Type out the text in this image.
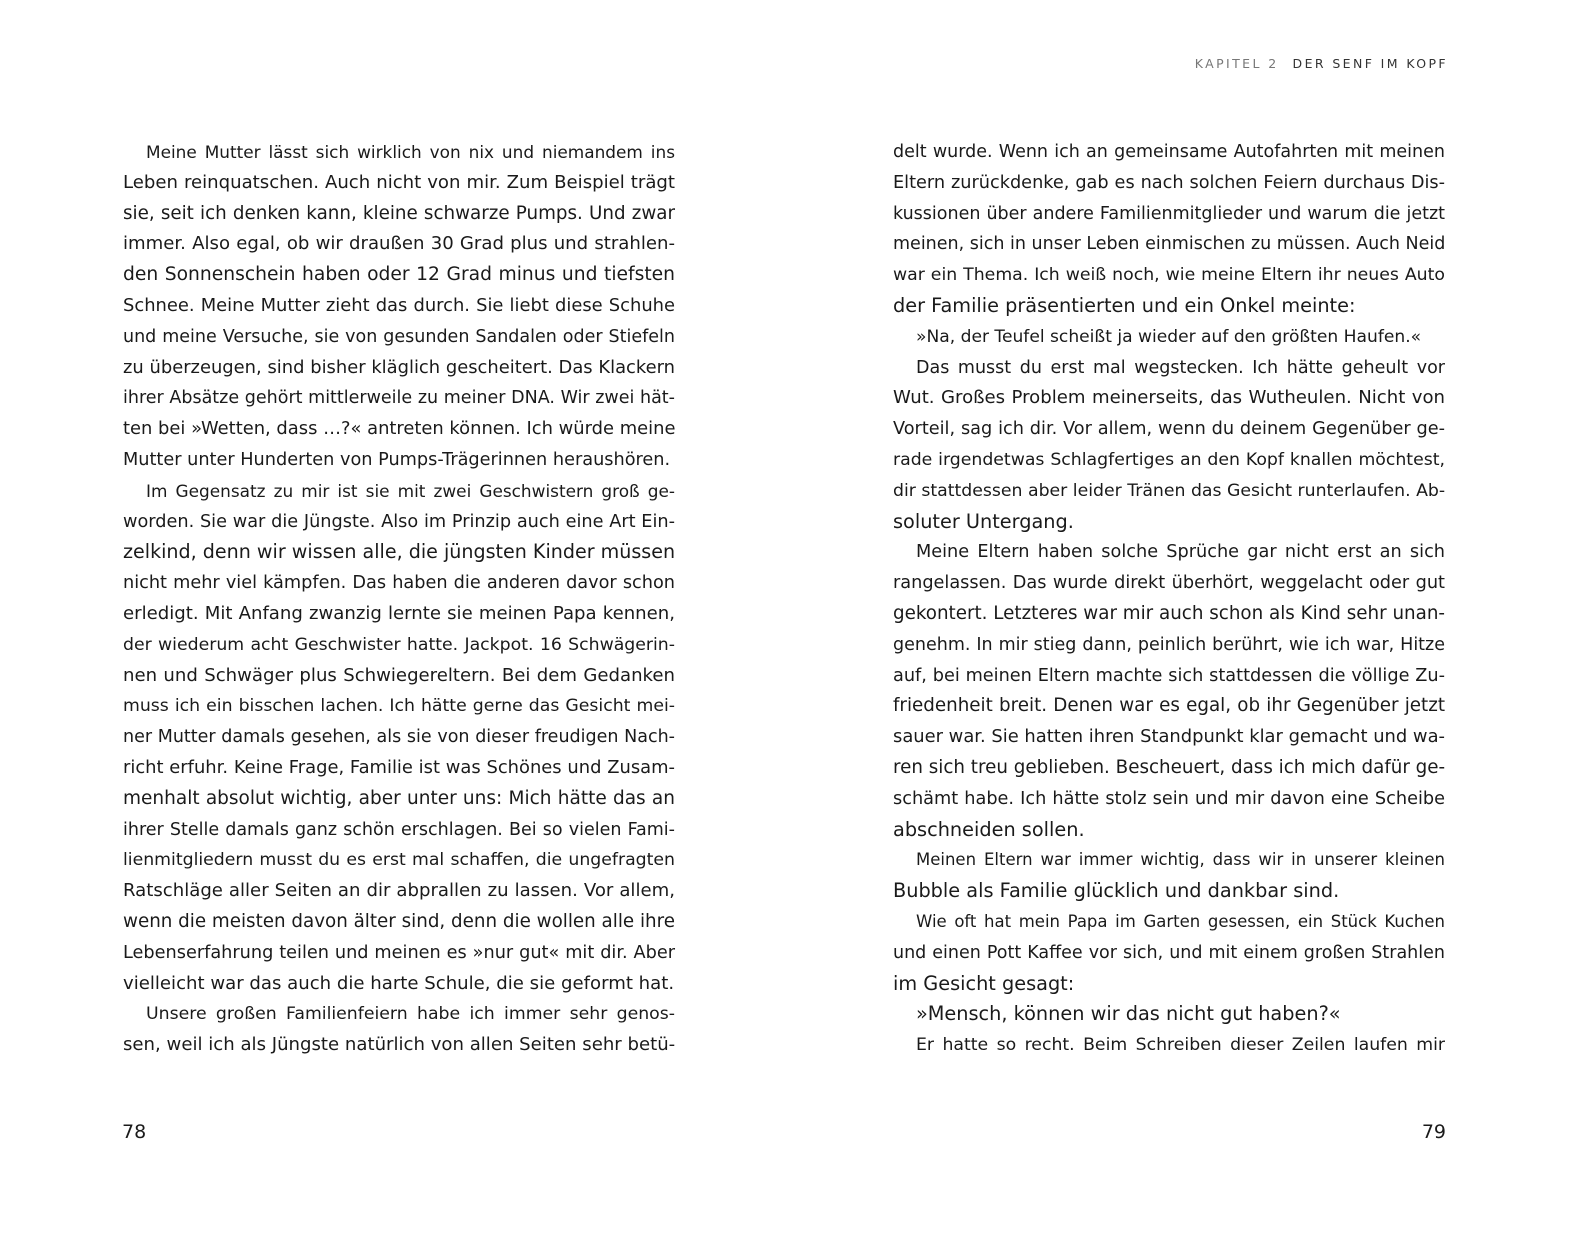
Meine Mutter lässt sich wirklich von nix und niemandem ins
Leben reinquatschen. Auch nicht von mir. Zum Beispiel trägt
sie, seit ich denken kann, kleine schwarze Pumps. Und zwar
immer. Also egal, ob wir draußen 30 Grad plus und strahlen-
den Sonnenschein haben oder 12 Grad minus und tiefsten
Schnee. Meine Mutter zieht das durch. Sie liebt diese Schuhe
und meine Versuche, sie von gesunden Sandalen oder Stiefeln
zu überzeugen, sind bisher kläglich gescheitert. Das Klackern
ihrer Absätze gehört mittlerweile zu meiner DNA. Wir zwei hät-
ten bei »Wetten, dass …?« antreten können. Ich würde meine
Mutter unter Hunderten von Pumps-Trägerinnen heraushören.
Im Gegensatz zu mir ist sie mit zwei Geschwistern groß ge-
worden. Sie war die Jüngste. Also im Prinzip auch eine Art Ein-
zelkind, denn wir wissen alle, die jüngsten Kinder müssen
nicht mehr viel kämpfen. Das haben die anderen davor schon
erledigt. Mit Anfang zwanzig lernte sie meinen Papa kennen,
der wiederum acht Geschwister hatte. Jackpot. 16 Schwägerin-
nen und Schwäger plus Schwiegereltern. Bei dem Gedanken
muss ich ein bisschen lachen. Ich hätte gerne das Gesicht mei-
ner Mutter damals gesehen, als sie von dieser freudigen Nach-
richt erfuhr. Keine Frage, Familie ist was Schönes und Zusam-
menhalt absolut wichtig, aber unter uns: Mich hätte das an
ihrer Stelle damals ganz schön erschlagen. Bei so vielen Fami-
lienmitgliedern musst du es erst mal schaffen, die ungefragten
Ratschläge aller Seiten an dir abprallen zu lassen. Vor allem,
wenn die meisten davon älter sind, denn die wollen alle ihre
Lebenserfahrung teilen und meinen es »nur gut« mit dir. Aber
vielleicht war das auch die harte Schule, die sie geformt hat.
Unsere großen Familienfeiern habe ich immer sehr genos-
sen, weil ich als Jüngste natürlich von allen Seiten sehr betü-
78
KAPITEL 2 DER SENF IM KOPF
delt wurde. Wenn ich an gemeinsame Autofahrten mit meinen
Eltern zurückdenke, gab es nach solchen Feiern durchaus Dis-
kussionen über andere Familienmitglieder und warum die jetzt
meinen, sich in unser Leben einmischen zu müssen. Auch Neid
war ein Thema. Ich weiß noch, wie meine Eltern ihr neues Auto
der Familie präsentierten und ein Onkel meinte:
»Na, der Teufel scheißt ja wieder auf den größten Haufen.«
Das musst du erst mal wegstecken. Ich hätte geheult vor
Wut. Großes Problem meinerseits, das Wutheulen. Nicht von
Vorteil, sag ich dir. Vor allem, wenn du deinem Gegenüber ge-
rade irgendetwas Schlagfertiges an den Kopf knallen möchtest,
dir stattdessen aber leider Tränen das Gesicht runterlaufen. Ab-
soluter Untergang.
Meine Eltern haben solche Sprüche gar nicht erst an sich
rangelassen. Das wurde direkt überhört, weggelacht oder gut
gekontert. Letzteres war mir auch schon als Kind sehr unan-
genehm. In mir stieg dann, peinlich berührt, wie ich war, Hitze
auf, bei meinen Eltern machte sich stattdessen die völlige Zu-
friedenheit breit. Denen war es egal, ob ihr Gegenüber jetzt
sauer war. Sie hatten ihren Standpunkt klar gemacht und wa-
ren sich treu geblieben. Bescheuert, dass ich mich dafür ge-
schämt habe. Ich hätte stolz sein und mir davon eine Scheibe
abschneiden sollen.
Meinen Eltern war immer wichtig, dass wir in unserer kleinen
Bubble als Familie glücklich und dankbar sind.
Wie oft hat mein Papa im Garten gesessen, ein Stück Kuchen
und einen Pott Kaffee vor sich, und mit einem großen Strahlen
im Gesicht gesagt:
»Mensch, können wir das nicht gut haben?«
Er hatte so recht. Beim Schreiben dieser Zeilen laufen mir
79
